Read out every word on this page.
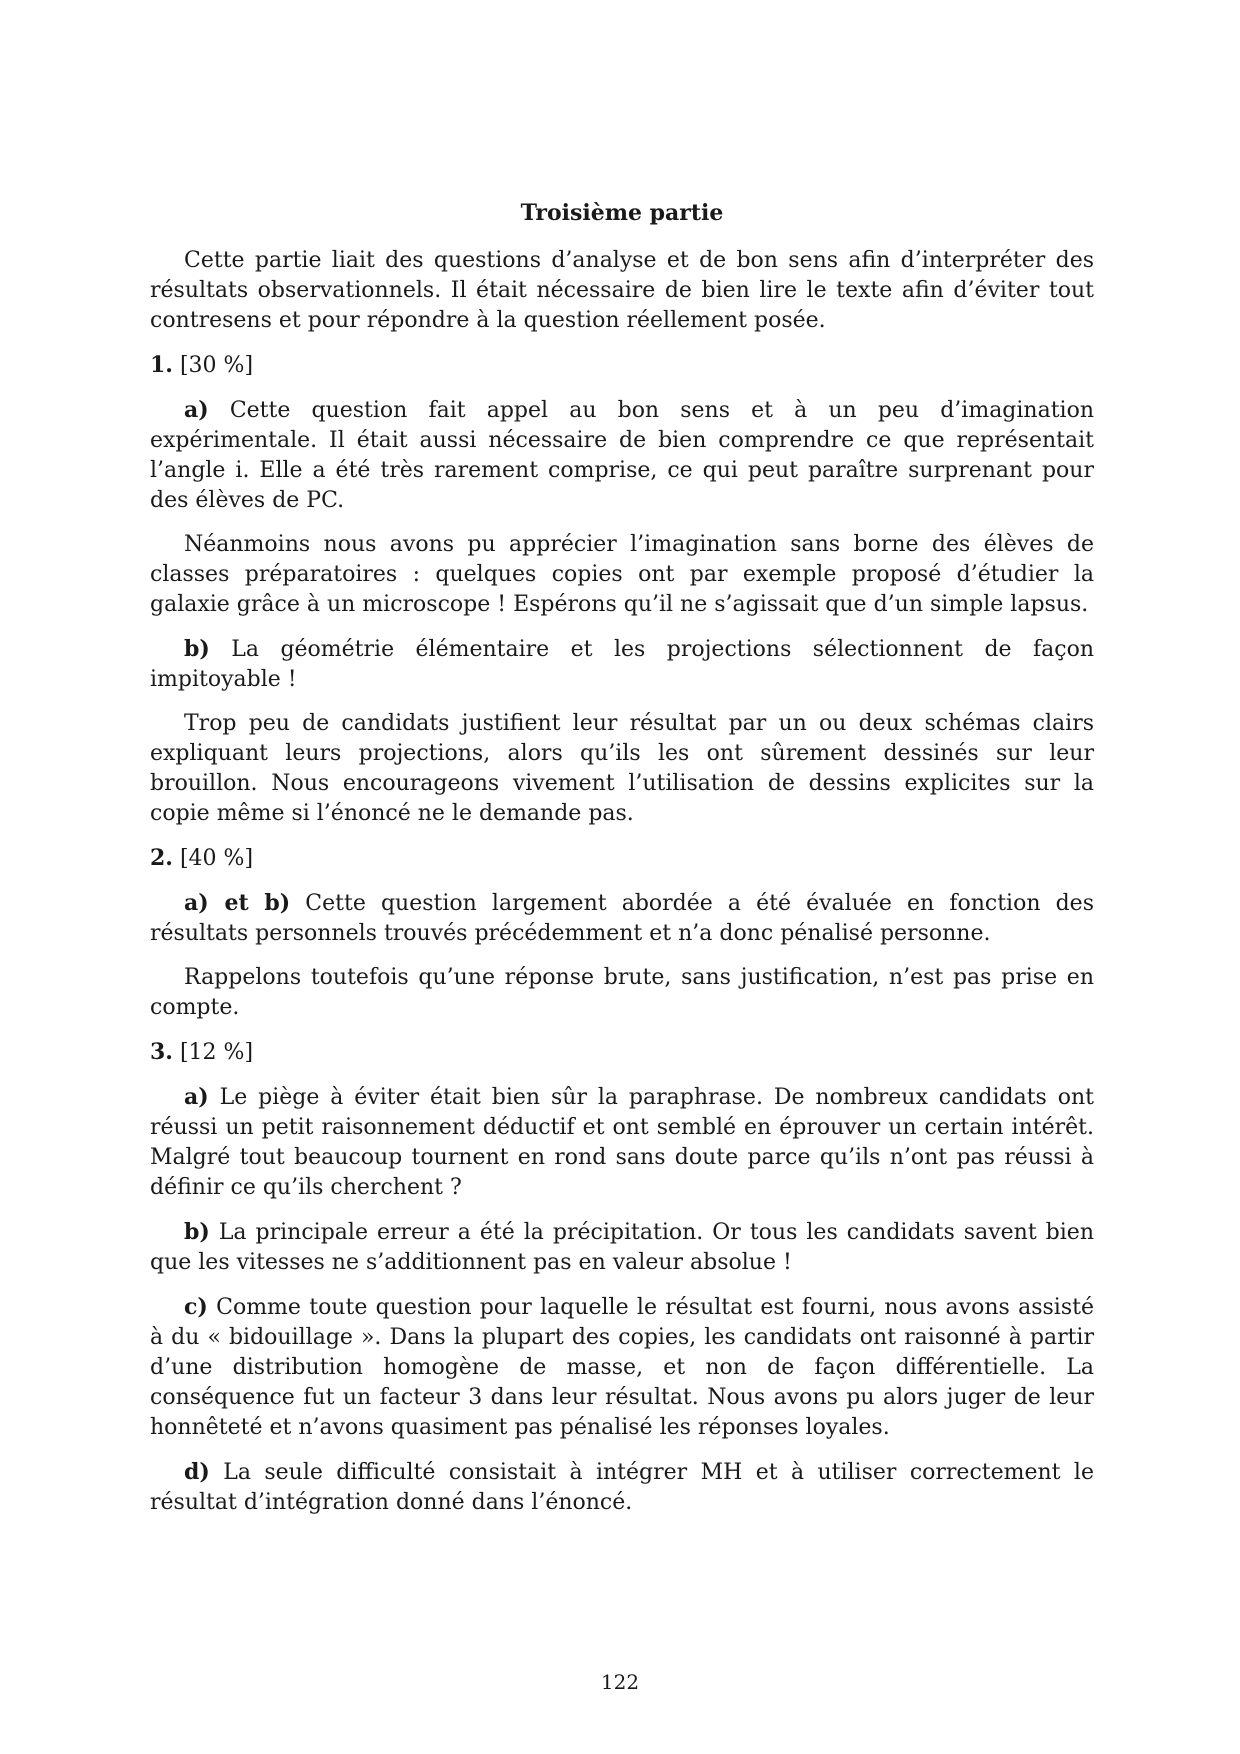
Troisième partie

Cette partie liait des questions d’analyse et de bon sens afin d’interpréter des résultats observationnels. Il était nécessaire de bien lire le texte afin d’éviter tout contresens et pour répondre à la question réellement posée.

1. [30 %]

a) Cette question fait appel au bon sens et à un peu d’imagination expérimentale. Il était aussi nécessaire de bien comprendre ce que représentait l’angle i. Elle a été très rarement comprise, ce qui peut paraître surprenant pour des élèves de PC.

Néanmoins nous avons pu apprécier l’imagination sans borne des élèves de classes préparatoires : quelques copies ont par exemple proposé d’étudier la galaxie grâce à un microscope ! Espérons qu’il ne s’agissait que d’un simple lapsus.

b) La géométrie élémentaire et les projections sélectionnent de façon impitoyable !

Trop peu de candidats justifient leur résultat par un ou deux schémas clairs expliquant leurs projections, alors qu’ils les ont sûrement dessinés sur leur brouillon. Nous encourageons vivement l’utilisation de dessins explicites sur la copie même si l’énoncé ne le demande pas.

2. [40 %]

a) et b) Cette question largement abordée a été évaluée en fonction des résultats personnels trouvés précédemment et n’a donc pénalisé personne.

Rappelons toutefois qu’une réponse brute, sans justification, n’est pas prise en compte.

3. [12 %]

a) Le piège à éviter était bien sûr la paraphrase. De nombreux candidats ont réussi un petit raisonnement déductif et ont semblé en éprouver un certain intérêt. Malgré tout beaucoup tournent en rond sans doute parce qu’ils n’ont pas réussi à définir ce qu’ils cherchent ?

b) La principale erreur a été la précipitation. Or tous les candidats savent bien que les vitesses ne s’additionnent pas en valeur absolue !

c) Comme toute question pour laquelle le résultat est fourni, nous avons assisté à du « bidouillage ». Dans la plupart des copies, les candidats ont raisonné à partir d’une distribution homogène de masse, et non de façon différentielle. La conséquence fut un facteur 3 dans leur résultat. Nous avons pu alors juger de leur honnêteté et n’avons quasiment pas pénalisé les réponses loyales.

d) La seule difficulté consistait à intégrer MH et à utiliser correctement le résultat d’intégration donné dans l’énoncé.

122
